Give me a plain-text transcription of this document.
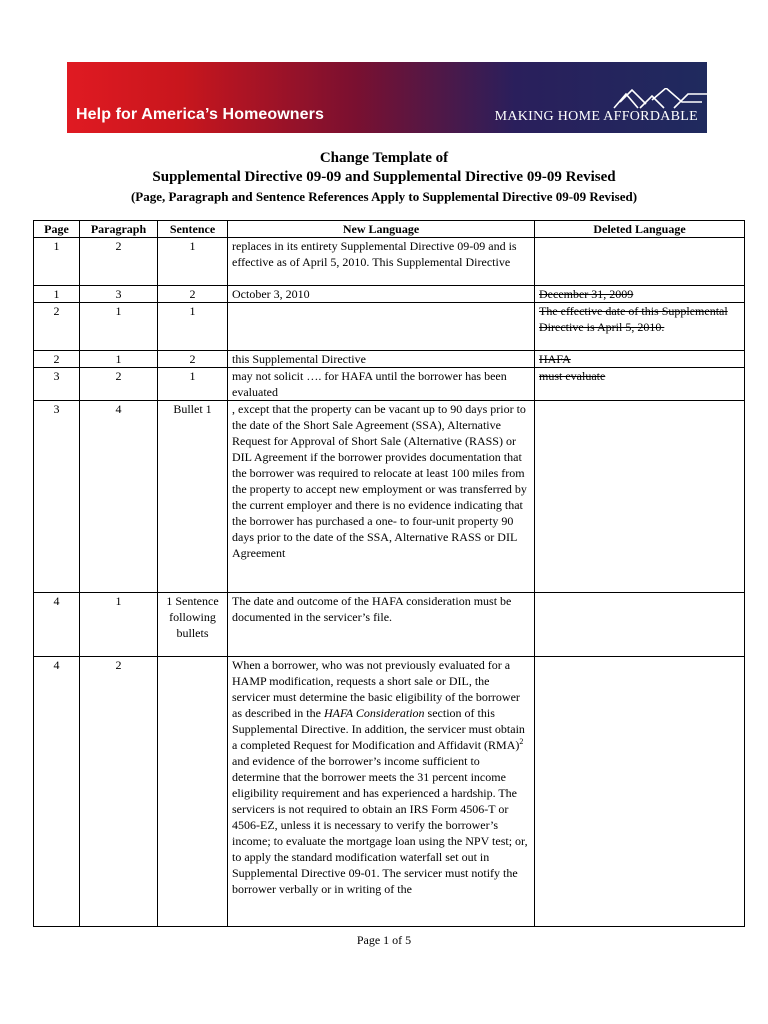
Help for America’s Homeowners	MAKING HOME AFFORDABLE
Change Template of
Supplemental Directive 09-09 and Supplemental Directive 09-09 Revised
(Page, Paragraph and Sentence References Apply to Supplemental Directive 09-09 Revised)
Page	Paragraph	Sentence	New Language	Deleted Language
1	2	1	replaces in its entirety Supplemental Directive 09-09 and is effective as of April 5, 2010. This Supplemental Directive	
1	3	2	October 3, 2010	December 31, 2009
2	1	1		The effective date of this Supplemental Directive is April 5, 2010.
2	1	2	this Supplemental Directive	HAFA
3	2	1	may not solicit …. for HAFA until the borrower has been evaluated	must evaluate
3	4	Bullet 1	, except that the property can be vacant up to 90 days prior to the date of the Short Sale Agreement (SSA), Alternative Request for Approval of Short Sale (Alternative (RASS) or DIL Agreement if the borrower provides documentation that the borrower was required to relocate at least 100 miles from the property to accept new employment or was transferred by the current employer and there is no evidence indicating that the borrower has purchased a one- to four-unit property 90 days prior to the date of the SSA, Alternative RASS or DIL Agreement	
4	1	1 Sentence following bullets	The date and outcome of the HAFA consideration must be documented in the servicer’s file.	
4	2		When a borrower, who was not previously evaluated for a HAMP modification, requests a short sale or DIL, the servicer must determine the basic eligibility of the borrower as described in the HAFA Consideration section of this Supplemental Directive. In addition, the servicer must obtain a completed Request for Modification and Affidavit (RMA)$^2$ and evidence of the borrower’s income sufficient to determine that the borrower meets the 31 percent income eligibility requirement and has experienced a hardship. The servicers is not required to obtain an IRS Form 4506-T or 4506-EZ, unless it is necessary to verify the borrower’s income; to evaluate the mortgage loan using the NPV test; or, to apply the standard modification waterfall set out in Supplemental Directive 09-01. The servicer must notify the borrower verbally or in writing of the	
Page 1 of 5
